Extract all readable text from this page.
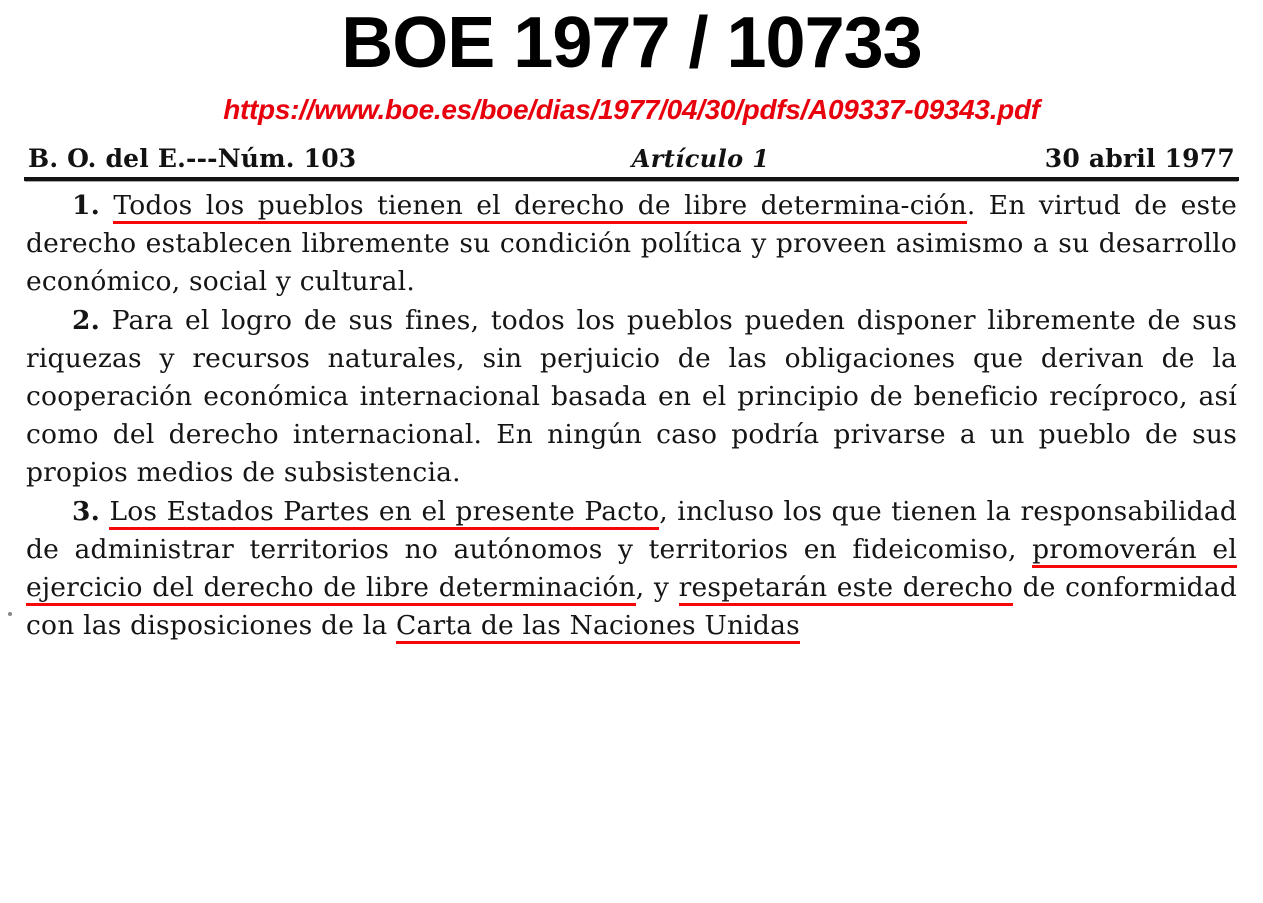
BOE 1977 / 10733
https://www.boe.es/boe/dias/1977/04/30/pdfs/A09337-09343.pdf
B. O. del E.---Núm. 103	Artículo 1	30 abril 1977

1. Todos los pueblos tienen el derecho de libre determina-ción. En virtud de este derecho establecen libremente su condición política y proveen asimismo a su desarrollo económico, social y cultural.

2. Para el logro de sus fines, todos los pueblos pueden disponer libremente de sus riquezas y recursos naturales, sin perjuicio de las obligaciones que derivan de la cooperación económica internacional basada en el principio de beneficio recíproco, así como del derecho internacional. En ningún caso podría privarse a un pueblo de sus propios medios de subsistencia.

3. Los Estados Partes en el presente Pacto, incluso los que tienen la responsabilidad de administrar territorios no autónomos y territorios en fideicomiso, promoverán el ejercicio del derecho de libre determinación, y respetarán este derecho de conformidad con las disposiciones de la Carta de las Naciones Unidas
